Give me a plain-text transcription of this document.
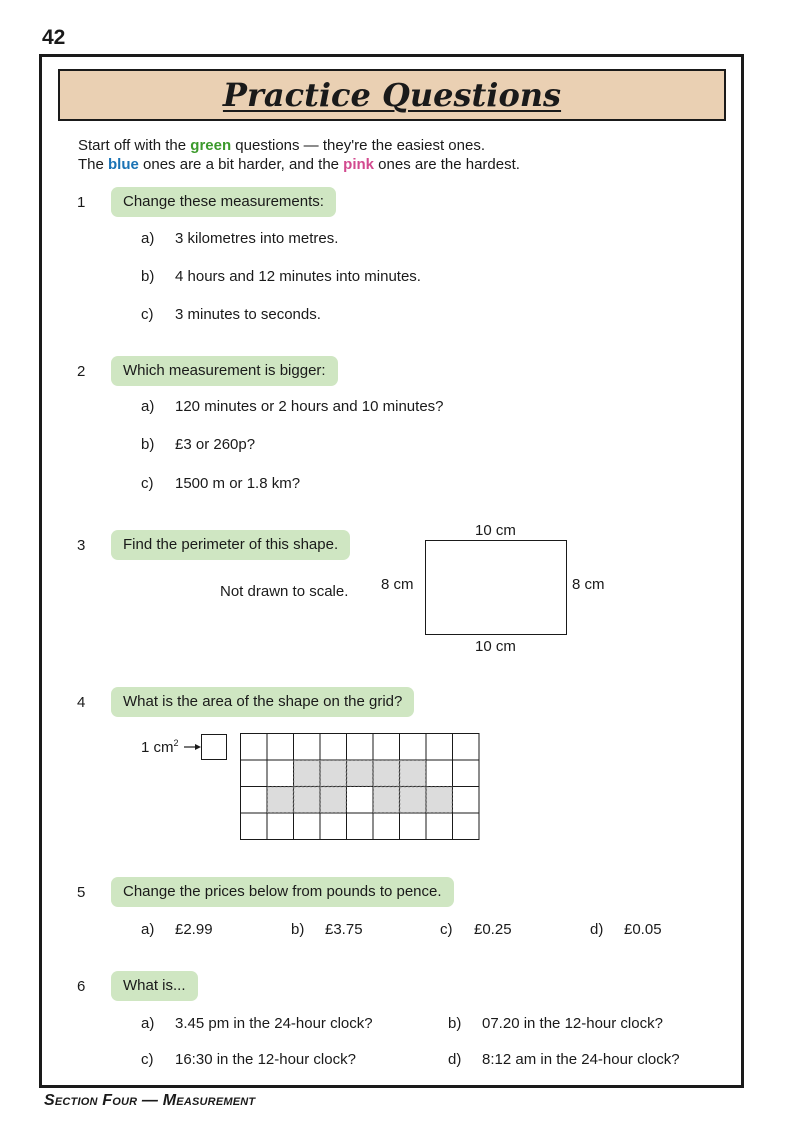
42
Practice Questions
Start off with the green questions — they're the easiest ones.
The blue ones are a bit harder, and the pink ones are the hardest.
1	Change these measurements:
a) 3 kilometres into metres.
b) 4 hours and 12 minutes into minutes.
c) 3 minutes to seconds.
2	Which measurement is bigger:
a) 120 minutes or 2 hours and 10 minutes?
b) £3 or 260p?
c) 1500 m or 1.8 km?
3	Find the perimeter of this shape.
Not drawn to scale.
10 cm
8 cm	8 cm
10 cm
4	What is the area of the shape on the grid?
1 $cm^2$
5	Change the prices below from pounds to pence.
a) £2.99	b) £3.75	c) £0.25	d) £0.05
6	What is...
a) 3.45 pm in the 24-hour clock?	b) 07.20 in the 12-hour clock?
c) 16:30 in the 12-hour clock?	d) 8:12 am in the 24-hour clock?
Section Four — Measurement
